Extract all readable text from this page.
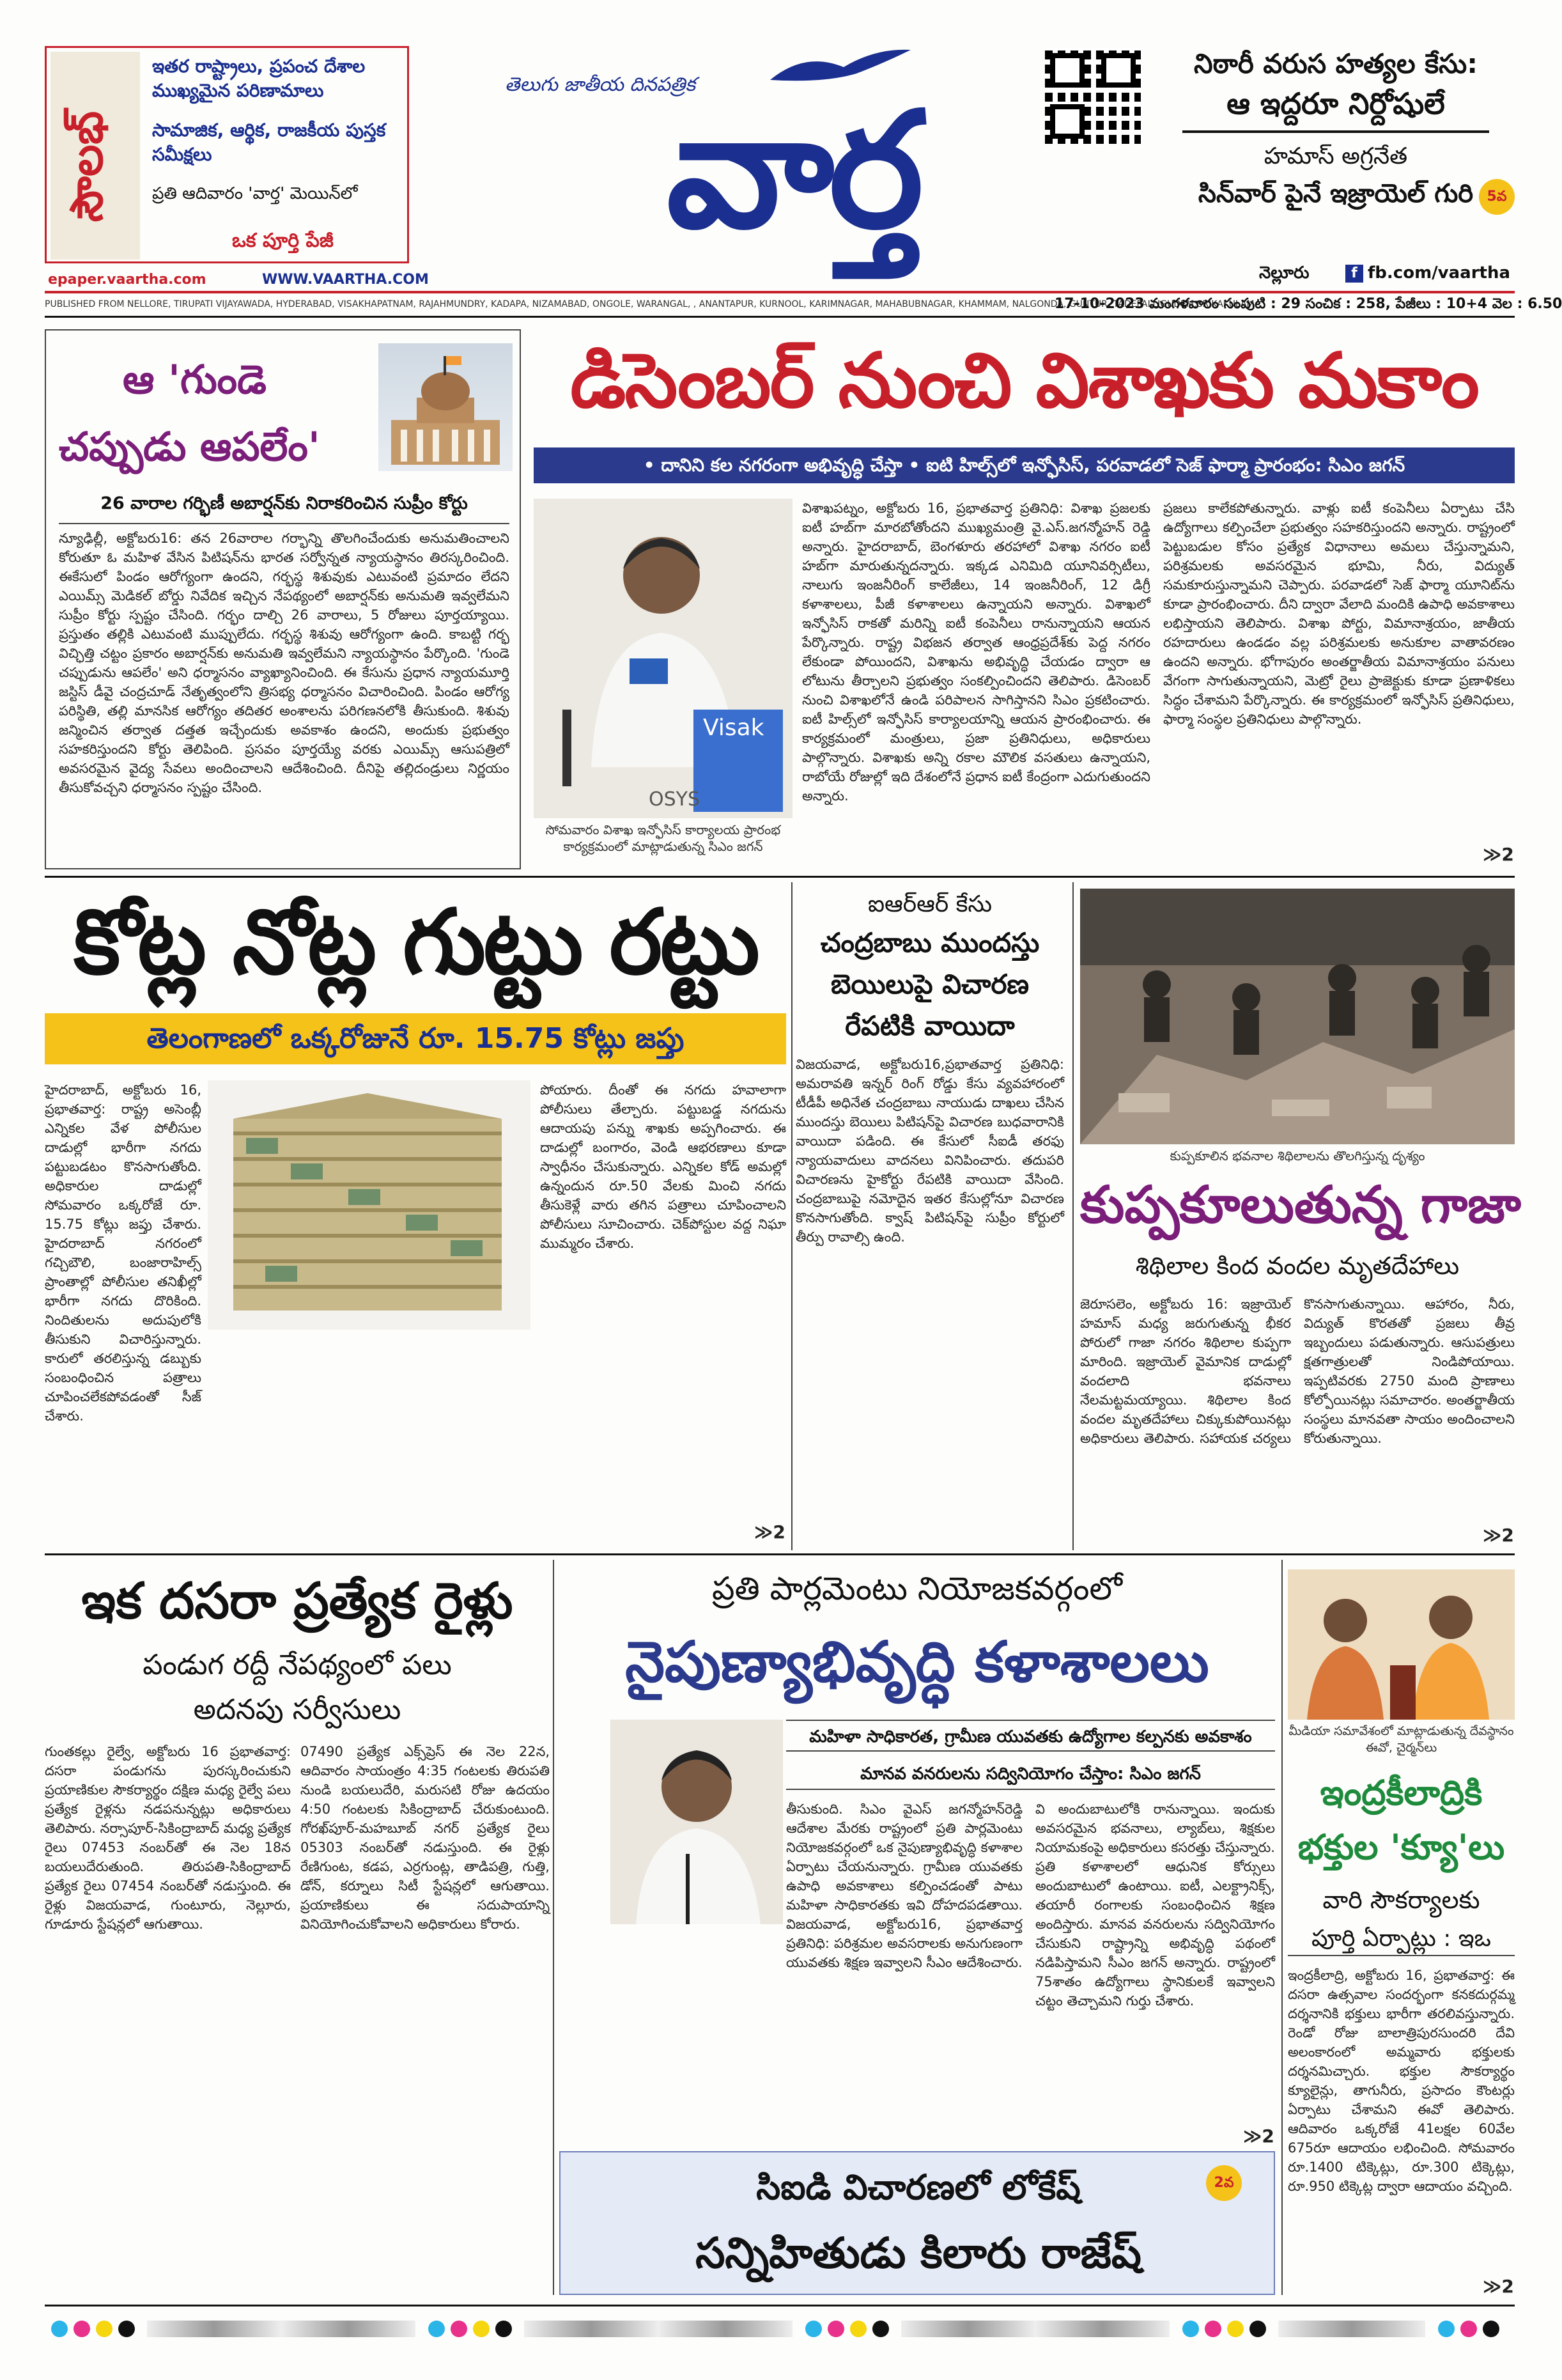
సౌలభ్
ఇతర రాష్ట్రాలు, ప్రపంచ దేశాల ముఖ్యమైన పరిణామాలు
సామాజిక, ఆర్థిక, రాజకీయ పుస్తక సమీక్షలు
ప్రతి ఆదివారం 'వార్త' మెయిన్‌లో
ఒక పూర్తి పేజీ
తెలుగు జాతీయ దినపత్రిక
వార్త
నిఠారీ వరుస హత్యల కేసు:
ఆ ఇద్దరూ నిర్దోషులే
5వ
హమాస్ అగ్రనేత
సిన్‌వార్ పైనే ఇజ్రాయెల్ గురి
epaper.vaartha.com	WWW.VAARTHA.COM	నెల్లూరు	f fb.com/vaartha
PUBLISHED FROM NELLORE, TIRUPATI VIJAYAWADA, HYDERABAD, VISAKHAPATNAM, RAJAHMUNDRY, KADAPA, NIZAMABAD, ONGOLE, WARANGAL, , ANANTAPUR, KURNOOL, KARIMNAGAR, MAHABUBNAGAR, KHAMMAM, NALGONDA, GUNTUR, TADEPALLIGUDEM,SRIKAKULAM
17-10-2023 మంగళవారం సంపుటి : 29 సంచిక : 258, పేజీలు : 10+4 వెల : 6.50
ఆ 'గుండె
చప్పుడు ఆపలేం'
26 వారాల గర్భిణీ అబార్షన్‌కు నిరాకరించిన సుప్రీం కోర్టు
న్యూఢిల్లీ, అక్టోబరు16: తన 26వారాల గర్భాన్ని తొలగించేందుకు అనుమతించాలని కోరుతూ ఓ మహిళ వేసిన పిటిషన్‌ను భారత సర్వోన్నత న్యాయస్థానం తిరస్కరించింది. ఈకేసులో పిండం ఆరోగ్యంగా ఉందని, గర్భస్థ శిశువుకు ఎటువంటి ప్రమాదం లేదని ఎయిమ్స్ మెడికల్ బోర్డు నివేదిక ఇచ్చిన నేపథ్యంలో అబార్షన్‌కు అనుమతి ఇవ్వలేమని సుప్రీం కోర్టు స్పష్టం చేసింది. గర్భం దాల్చి 26 వారాలు, 5 రోజులు పూర్తయ్యాయి. ప్రస్తుతం తల్లికి ఎటువంటి ముప్పులేదు. గర్భస్థ శిశువు ఆరోగ్యంగా ఉంది. కాబట్టి గర్భ విచ్ఛిత్తి చట్టం ప్రకారం అబార్షన్‌కు అనుమతి ఇవ్వలేమని న్యాయస్థానం పేర్కొంది. 'గుండె చప్పుడును ఆపలేం' అని ధర్మాసనం వ్యాఖ్యానించింది. ఈ కేసును ప్రధాన న్యాయమూర్తి జస్టిస్ డీవై చంద్రచూడ్ నేతృత్వంలోని త్రిసభ్య ధర్మాసనం విచారించింది. పిండం ఆరోగ్య పరిస్థితి, తల్లి మానసిక ఆరోగ్యం తదితర అంశాలను పరిగణనలోకి తీసుకుంది. శిశువు జన్మించిన తర్వాత దత్తత ఇచ్చేందుకు అవకాశం ఉందని, అందుకు ప్రభుత్వం సహకరిస్తుందని కోర్టు తెలిపింది. ప్రసవం పూర్తయ్యే వరకు ఎయిమ్స్ ఆసుపత్రిలో అవసరమైన వైద్య సేవలు అందించాలని ఆదేశించింది. దీనిపై తల్లిదండ్రులు నిర్ణయం తీసుకోవచ్చని ధర్మాసనం స్పష్టం చేసింది.
డిసెంబర్ నుంచి విశాఖకు మకాం
• దానిని కల నగరంగా అభివృద్ధి చేస్తా • ఐటి హిల్స్‌లో ఇన్ఫోసిస్, పరవాడలో సెజ్ ఫార్మా ప్రారంభం: సిఎం జగన్
Visak
OSYS
సోమవారం విశాఖ ఇన్ఫోసిస్ కార్యాలయ ప్రారంభ కార్యక్రమంలో మాట్లాడుతున్న సిఎం జగన్
విశాఖపట్నం, అక్టోబరు 16, ప్రభాతవార్త ప్రతినిధి: విశాఖ ప్రజలకు ఐటీ హబ్‌గా మారబోతోందని ముఖ్యమంత్రి వై.ఎస్.జగన్మోహన్ రెడ్డి అన్నారు. హైదరాబాద్, బెంగళూరు తరహాలో విశాఖ నగరం ఐటీ హబ్‌గా మారుతున్నదన్నారు. ఇక్కడ ఎనిమిది యూనివర్సిటీలు, నాలుగు ఇంజనీరింగ్ కాలేజీలు, 14 ఇంజనీరింగ్, 12 డిగ్రీ కళాశాలలు, పీజీ కళాశాలలు ఉన్నాయని అన్నారు. విశాఖలో ఇన్ఫోసిస్ రాకతో మరిన్ని ఐటీ కంపెనీలు రానున్నాయని ఆయన పేర్కొన్నారు. రాష్ట్ర విభజన తర్వాత ఆంధ్రప్రదేశ్‌కు పెద్ద నగరం లేకుండా పోయిందని, విశాఖను అభివృద్ధి చేయడం ద్వారా ఆ లోటును తీర్చాలని ప్రభుత్వం సంకల్పించిందని తెలిపారు. డిసెంబర్ నుంచి విశాఖలోనే ఉండి పరిపాలన సాగిస్తానని సిఎం ప్రకటించారు. ఐటీ హిల్స్‌లో ఇన్ఫోసిస్ కార్యాలయాన్ని ఆయన ప్రారంభించారు. ఈ కార్యక్రమంలో మంత్రులు, ప్రజా ప్రతినిధులు, అధికారులు పాల్గొన్నారు. విశాఖకు అన్ని రకాల మౌలిక వసతులు ఉన్నాయని, రాబోయే రోజుల్లో ఇది దేశంలోనే ప్రధాన ఐటీ కేంద్రంగా ఎదుగుతుందని అన్నారు.
ప్రజలు కాలేకపోతున్నారు. వాళ్లు ఐటీ కంపెనీలు ఏర్పాటు చేసి ఉద్యోగాలు కల్పించేలా ప్రభుత్వం సహకరిస్తుందని అన్నారు. రాష్ట్రంలో పెట్టుబడుల కోసం ప్రత్యేక విధానాలు అమలు చేస్తున్నామని, పరిశ్రమలకు అవసరమైన భూమి, నీరు, విద్యుత్ సమకూరుస్తున్నామని చెప్పారు. పరవాడలో సెజ్ ఫార్మా యూనిట్‌ను కూడా ప్రారంభించారు. దీని ద్వారా వేలాది మందికి ఉపాధి అవకాశాలు లభిస్తాయని తెలిపారు. విశాఖ పోర్టు, విమానాశ్రయం, జాతీయ రహదారులు ఉండడం వల్ల పరిశ్రమలకు అనుకూల వాతావరణం ఉందని అన్నారు. భోగాపురం అంతర్జాతీయ విమానాశ్రయం పనులు వేగంగా సాగుతున్నాయని, మెట్రో రైలు ప్రాజెక్టుకు కూడా ప్రణాళికలు సిద్ధం చేశామని పేర్కొన్నారు. ఈ కార్యక్రమంలో ఇన్ఫోసిస్ ప్రతినిధులు, ఫార్మా సంస్థల ప్రతినిధులు పాల్గొన్నారు.
≫2
కోట్ల నోట్ల గుట్టు రట్టు
తెలంగాణలో ఒక్కరోజునే రూ. 15.75 కోట్లు జప్తు
హైదరాబాద్, అక్టోబరు 16, ప్రభాతవార్త: రాష్ట్ర అసెంబ్లీ ఎన్నికల వేళ పోలీసుల దాడుల్లో భారీగా నగదు పట్టుబడటం కొనసాగుతోంది. అధికారుల దాడుల్లో సోమవారం ఒక్కరోజే రూ. 15.75 కోట్లు జప్తు చేశారు. హైదరాబాద్ నగరంలో గచ్చిబౌలి, బంజారాహిల్స్ ప్రాంతాల్లో పోలీసుల తనిఖీల్లో భారీగా నగదు దొరికింది. నిందితులను అదుపులోకి తీసుకుని విచారిస్తున్నారు. కారులో తరలిస్తున్న డబ్బుకు సంబంధించిన పత్రాలు చూపించలేకపోవడంతో సీజ్ చేశారు.
పోయారు. దీంతో ఈ నగదు హవాలాగా పోలీసులు తేల్చారు. పట్టుబడ్డ నగదును ఆదాయపు పన్ను శాఖకు అప్పగించారు. ఈ దాడుల్లో బంగారం, వెండి ఆభరణాలు కూడా స్వాధీనం చేసుకున్నారు. ఎన్నికల కోడ్ అమల్లో ఉన్నందున రూ.50 వేలకు మించి నగదు తీసుకెళ్లే వారు తగిన పత్రాలు చూపించాలని పోలీసులు సూచించారు. చెక్‌పోస్టుల వద్ద నిఘా ముమ్మరం చేశారు.
≫2
ఐఆర్ఆర్ కేసు
చంద్రబాబు ముందస్తు
బెయిలుపై విచారణ
రేపటికి వాయిదా
విజయవాడ, అక్టోబరు16,ప్రభాతవార్త ప్రతినిధి: అమరావతి ఇన్నర్ రింగ్ రోడ్డు కేసు వ్యవహారంలో టీడీపీ అధినేత చంద్రబాబు నాయుడు దాఖలు చేసిన ముందస్తు బెయిలు పిటిషన్‌పై విచారణ బుధవారానికి వాయిదా పడింది. ఈ కేసులో సీఐడీ తరఫు న్యాయవాదులు వాదనలు వినిపించారు. తదుపరి విచారణను హైకోర్టు రేపటికి వాయిదా వేసింది. చంద్రబాబుపై నమోదైన ఇతర కేసుల్లోనూ విచారణ కొనసాగుతోంది. క్వాష్ పిటిషన్‌పై సుప్రీం కోర్టులో తీర్పు రావాల్సి ఉంది.
కుప్పకూలిన భవనాల శిథిలాలను తొలగిస్తున్న దృశ్యం
కుప్పకూలుతున్న గాజా
శిథిలాల కింద వందల మృతదేహాలు
జెరూసలెం, అక్టోబరు 16: ఇజ్రాయెల్ హమాస్ మధ్య జరుగుతున్న భీకర పోరులో గాజా నగరం శిథిలాల కుప్పగా మారింది. ఇజ్రాయెల్ వైమానిక దాడుల్లో వందలాది భవనాలు నేలమట్టమయ్యాయి. శిథిలాల కింద వందల మృతదేహాలు చిక్కుకుపోయినట్లు అధికారులు తెలిపారు. సహాయక చర్యలు కొనసాగుతున్నాయి. ఆహారం, నీరు, విద్యుత్ కొరతతో ప్రజలు తీవ్ర ఇబ్బందులు పడుతున్నారు. ఆసుపత్రులు క్షతగాత్రులతో నిండిపోయాయి. ఇప్పటివరకు 2750 మంది ప్రాణాలు కోల్పోయినట్లు సమాచారం. అంతర్జాతీయ సంస్థలు మానవతా సాయం అందించాలని కోరుతున్నాయి.
≫2
ఇక దసరా ప్రత్యేక రైళ్లు
పండుగ రద్దీ నేపథ్యంలో పలు
అదనపు సర్వీసులు
గుంతకల్లు రైల్వే, అక్టోబరు 16 ప్రభాతవార్త: దసరా పండుగను పురస్కరించుకుని ప్రయాణికుల సౌకర్యార్థం దక్షిణ మధ్య రైల్వే పలు ప్రత్యేక రైళ్లను నడపనున్నట్లు అధికారులు తెలిపారు. నర్సాపూర్-సికింద్రాబాద్ మధ్య ప్రత్యేక రైలు 07453 నంబర్‌తో ఈ నెల 18న బయలుదేరుతుంది. తిరుపతి-సికింద్రాబాద్ ప్రత్యేక రైలు 07454 నంబర్‌తో నడుస్తుంది. ఈ రైళ్లు విజయవాడ, గుంటూరు, నెల్లూరు, గూడూరు స్టేషన్లలో ఆగుతాయి.
07490 ప్రత్యేక ఎక్స్‌ప్రెస్ ఈ నెల 22న, ఆదివారం సాయంత్రం 4:35 గంటలకు తిరుపతి నుండి బయలుదేరి, మరుసటి రోజు ఉదయం 4:50 గంటలకు సికింద్రాబాద్ చేరుకుంటుంది. గోరఖ్‌పూర్-మహబూబ్ నగర్ ప్రత్యేక రైలు 05303 నంబర్‌తో నడుస్తుంది. ఈ రైళ్లు రేణిగుంట, కడప, ఎర్రగుంట్ల, తాడిపత్రి, గుత్తి, డోన్, కర్నూలు సిటీ స్టేషన్లలో ఆగుతాయి. ప్రయాణికులు ఈ సదుపాయాన్ని వినియోగించుకోవాలని అధికారులు కోరారు.
ప్రతి పార్లమెంటు నియోజకవర్గంలో
నైపుణ్యాభివృద్ధి కళాశాలలు
మహిళా సాధికారత, గ్రామీణ యువతకు ఉద్యోగాల కల్పనకు అవకాశం
మానవ వనరులను సద్వినియోగం చేస్తాం: సిఎం జగన్
తీసుకుంది. సిఎం వైఎస్ జగన్మోహన్‌రెడ్డి ఆదేశాల మేరకు రాష్ట్రంలో ప్రతి పార్లమెంటు నియోజకవర్గంలో ఒక నైపుణ్యాభివృద్ధి కళాశాల ఏర్పాటు చేయనున్నారు. గ్రామీణ యువతకు ఉపాధి అవకాశాలు కల్పించడంతో పాటు మహిళా సాధికారతకు ఇవి దోహదపడతాయి. విజయవాడ, అక్టోబరు16, ప్రభాతవార్త ప్రతినిధి: పరిశ్రమల అవసరాలకు అనుగుణంగా యువతకు శిక్షణ ఇవ్వాలని సీఎం ఆదేశించారు.
వి అందుబాటులోకి రానున్నాయి. ఇందుకు అవసరమైన భవనాలు, ల్యాబ్‌లు, శిక్షకుల నియామకంపై అధికారులు కసరత్తు చేస్తున్నారు. ప్రతి కళాశాలలో ఆధునిక కోర్సులు అందుబాటులో ఉంటాయి. ఐటీ, ఎలక్ట్రానిక్స్, తయారీ రంగాలకు సంబంధించిన శిక్షణ అందిస్తారు. మానవ వనరులను సద్వినియోగం చేసుకుని రాష్ట్రాన్ని అభివృద్ధి పథంలో నడిపిస్తామని సీఎం జగన్ అన్నారు. రాష్ట్రంలో 75శాతం ఉద్యోగాలు స్థానికులకే ఇవ్వాలని చట్టం తెచ్చామని గుర్తు చేశారు.
≫2
సిఐడి విచారణలో లోకేష్
సన్నిహితుడు కిలారు రాజేష్
2వ
మీడియా సమావేశంలో మాట్లాడుతున్న దేవస్థానం ఈవో, చైర్మన్‌లు
ఇంద్రకీలాద్రికి
భక్తుల 'క్యూ'లు
వారి సౌకర్యాలకు
పూర్తి ఏర్పాట్లు : ఇఒ
ఇంద్రకీలాద్రి, అక్టోబరు 16, ప్రభాతవార్త: ఈ దసరా ఉత్సవాల సందర్భంగా కనకదుర్గమ్మ దర్శనానికి భక్తులు భారీగా తరలివస్తున్నారు. రెండో రోజు బాలాత్రిపురసుందరి దేవి అలంకారంలో అమ్మవారు భక్తులకు దర్శనమిచ్చారు. భక్తుల సౌకర్యార్థం క్యూలైన్లు, తాగునీరు, ప్రసాదం కౌంటర్లు ఏర్పాటు చేశామని ఈవో తెలిపారు. ఆదివారం ఒక్కరోజే 41లక్షల 60వేల 675రూ ఆదాయం లభించింది. సోమవారం రూ.1400 టిక్కెట్లు, రూ.300 టిక్కెట్లు, రూ.950 టిక్కెట్ల ద్వారా ఆదాయం వచ్చింది.
≫2
